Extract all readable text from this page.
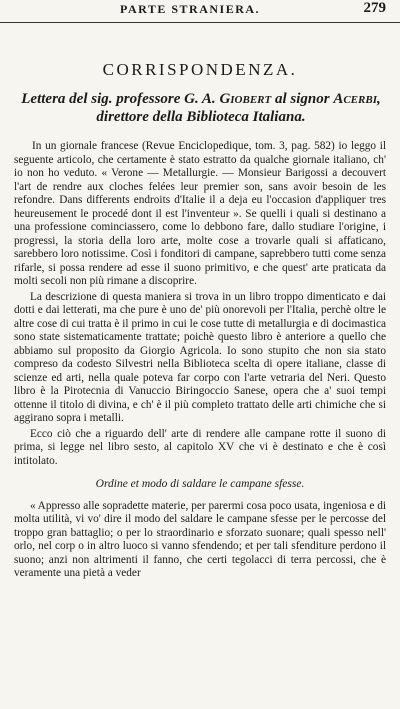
PARTE STRANIERA.	279
CORRISPONDENZA.
Lettera del sig. professore G. A. Giobert al signor Acerbi, direttore della Biblioteca Italiana.

In un giornale francese (Revue Enciclopedique, tom. 3, pag. 582) io leggo il seguente articolo, che certamente è stato estratto da qualche giornale italiano, ch' io non ho veduto. « Verone — Metallurgie. — Monsieur Barigossi a decouvert l'art de rendre aux cloches felées leur premier son, sans avoir besoin de les refondre. Dans differents endroits d'Italie il a deja eu l'occasion d'appliquer tres heureusement le procedé dont il est l'inventeur ». Se quelli i quali si destinano a una professione cominciassero, come lo debbono fare, dallo studiare l'origine, i progressi, la storia della loro arte, molte cose a trovarle quali si affaticano, sarebbero loro notissime. Così i fonditori di campane, saprebbero tutti come senza rifarle, si possa rendere ad esse il suono primitivo, e che quest' arte praticata da molti secoli non più rimane a discoprire.

La descrizione di questa maniera si trova in un libro troppo dimenticato e dai dotti e dai letterati, ma che pure è uno de' più onorevoli per l'Italia, perchè oltre le altre cose di cui tratta è il primo in cui le cose tutte di metallurgia e di docimastica sono state sistematicamente trattate; poichè questo libro è anteriore a quello che abbiamo sul proposito da Giorgio Agricola. Io sono stupito che non sia stato compreso da codesto Silvestri nella Biblioteca scelta di opere italiane, classe di scienze ed arti, nella quale poteva far corpo con l'arte vetraria del Neri. Questo libro è la Pirotecnia di Vanuccio Biringoccio Sanese, opera che a' suoi tempi ottenne il titolo di divina, e ch' è il più completo trattato delle arti chimiche che si aggirano sopra i metalli.

Ecco ciò che a riguardo dell' arte di rendere alle campane rotte il suono di prima, si legge nel libro sesto, al capitolo XV che vi è destinato e che è così intitolato.

Ordine et modo di saldare le campane sfesse.

« Appresso alle sopradette materie, per parermi cosa poco usata, ingeniosa e di molta utilità, vi vo' dire il modo del saldare le campane sfesse per le percosse del troppo gran battaglio; o per lo straordinario e sforzato suonare; quali spesso nell' orlo, nel corp o in altro luoco si vanno sfendendo; et per tali sfenditure perdono il suono; anzi non altrimenti il fanno, che certi tegolacci di terra percossi, che è veramente una pietà a veder
